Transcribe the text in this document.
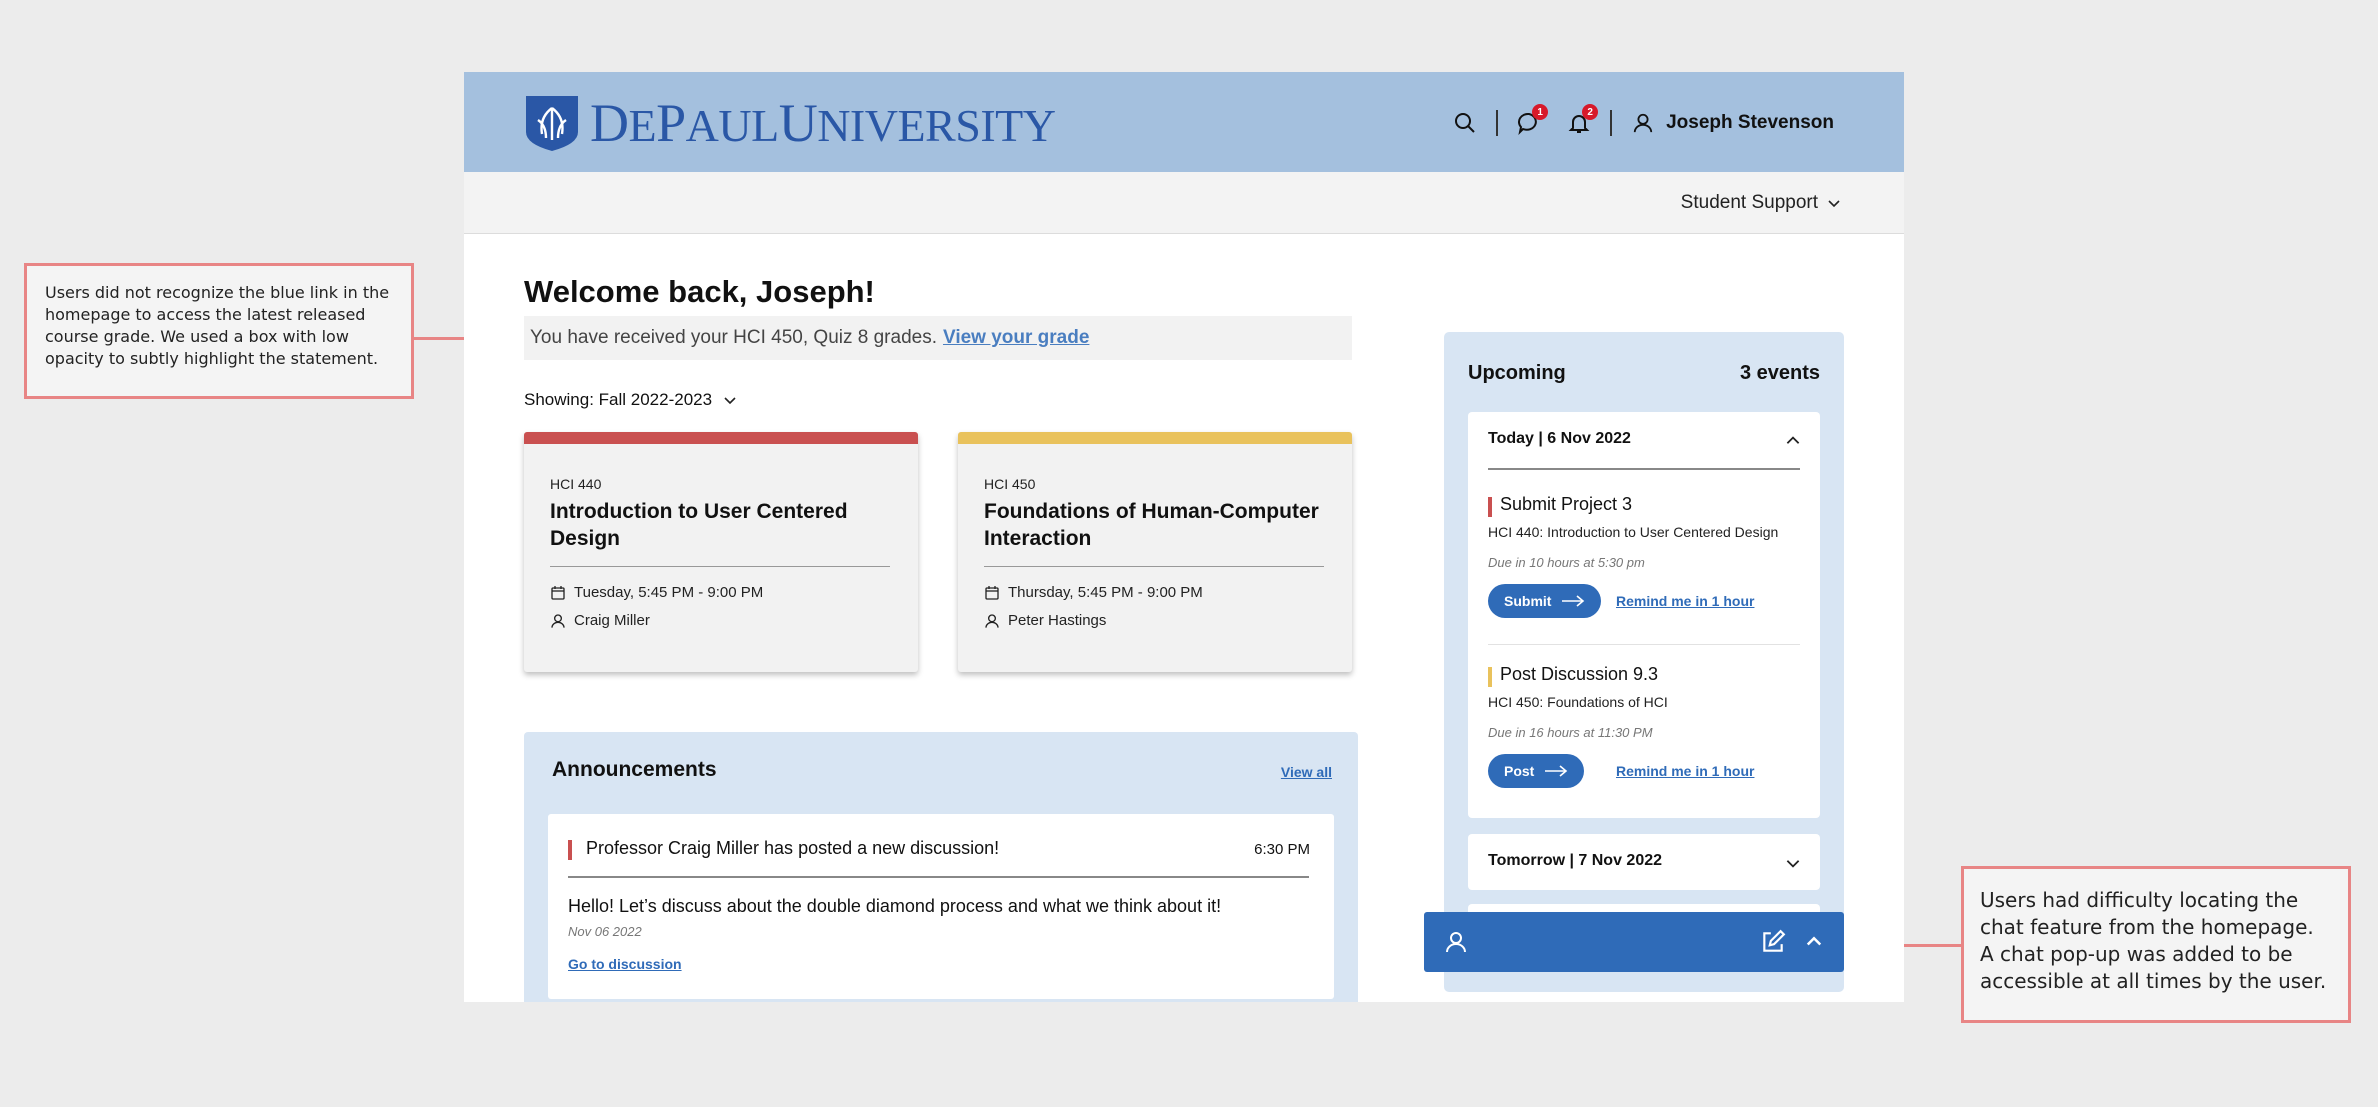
Users did not recognize the blue link in the homepage to access the latest released course grade. We used a box with low opacity to subtly highlight the statement.
Users had difficulty locating the chat feature from the homepage. A chat pop-up was added to be accessible at all times by the user.
DEPAULUNIVERSITY	1	2	Joseph Stevenson
Student Support
Welcome back, Joseph!
You have received your HCI 450, Quiz 8 grades. View your grade
Showing: Fall 2022-2023
HCI 440
Introduction to User Centered Design
Tuesday, 5:45 PM - 9:00 PM
Craig Miller
HCI 450
Foundations of Human-Computer Interaction
Thursday, 5:45 PM - 9:00 PM
Peter Hastings
Announcements	View all
Professor Craig Miller has posted a new discussion!	6:30 PM
Hello! Let’s discuss about the double diamond process and what we think about it!
Nov 06 2022
Go to discussion
Upcoming	3 events
Today | 6 Nov 2022
Submit Project 3
HCI 440: Introduction to User Centered Design
Due in 10 hours at 5:30 pm
Submit	Remind me in 1 hour
Post Discussion 9.3
HCI 450: Foundations of HCI
Due in 16 hours at 11:30 PM
Post	Remind me in 1 hour
Tomorrow | 7 Nov 2022
